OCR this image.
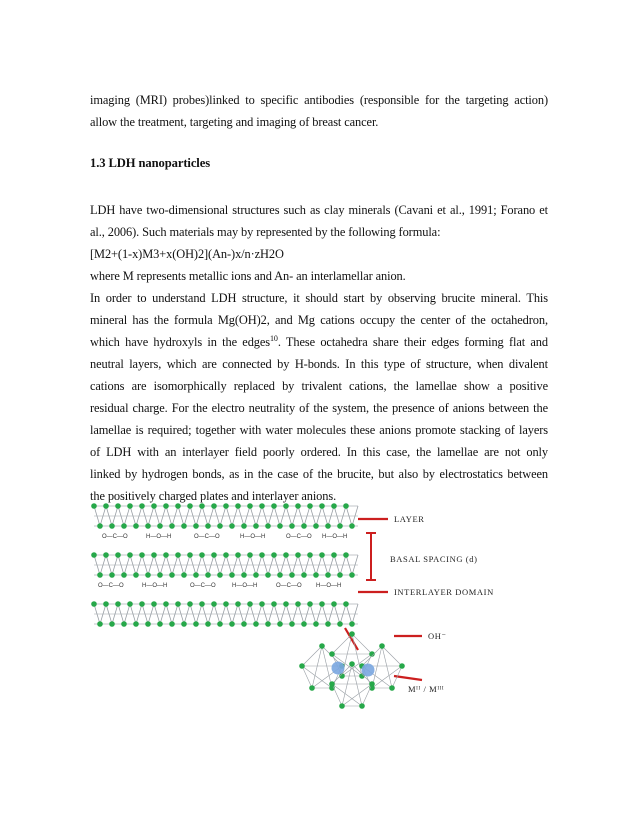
imaging (MRI) probes)linked to specific antibodies (responsible for the targeting action)
allow the treatment, targeting and imaging of breast cancer.
1.3 LDH nanoparticles
LDH have two-dimensional structures such as clay minerals (Cavani et al., 1991; Forano et
al., 2006). Such materials may by represented by the following formula:
[M2+(1-x)M3+x(OH)2](An-)x/n·zH2O
where M represents metallic ions and An- an interlamellar anion.
In order to understand LDH structure, it should start by observing brucite mineral. This
mineral has the formula Mg(OH)2, and Mg cations occupy the center of the octahedron,
which have hydroxyls in the edges$^{10}$. These octahedra share their edges forming flat and
neutral layers, which are connected by H-bonds. In this type of structure, when divalent
cations are isomorphically replaced by trivalent cations, the lamellae show a positive
residual charge. For the electro neutrality of the system, the presence of anions between the
lamellae is required; together with water molecules these anions promote stacking of layers
of LDH with an interlayer field poorly ordered. In this case, the lamellae are not only
linked by hydrogen bonds, as in the case of the brucite, but also by electrostatics between
the positively charged plates and interlayer anions.
O—C—O	H—O—H	O—C—O	H—O—H	O—C—O H—O—H
O—C—O	H—O—H	O—C—O	H—O—H	O—C—O H—O—H
LAYER
BASAL SPACING (d)
INTERLAYER DOMAIN
OH⁻
Mᴵᴵ / Mᴵᴵᴵ
